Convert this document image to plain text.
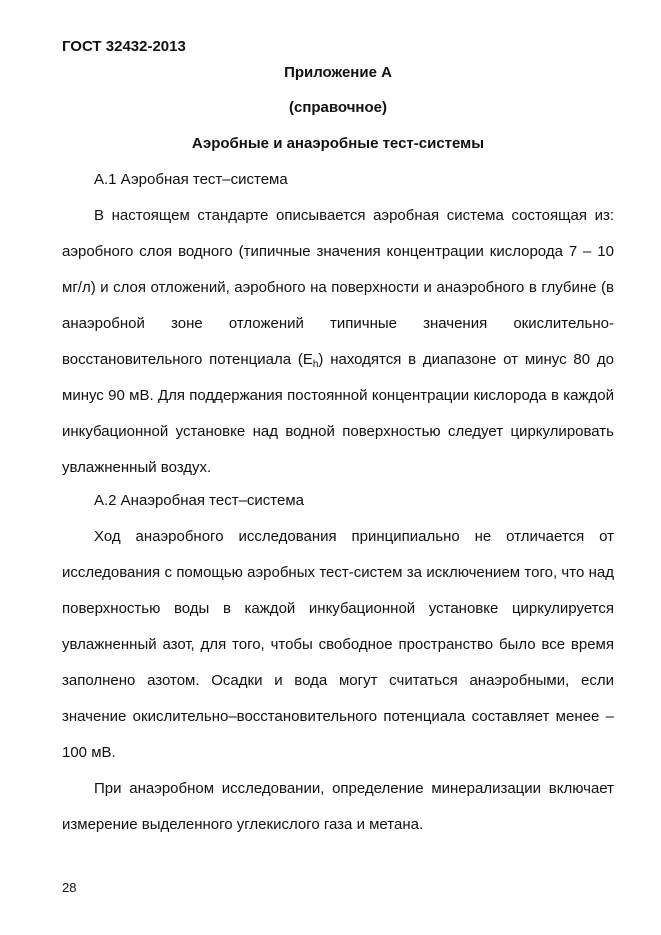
ГОСТ 32432-2013
Приложение А
(справочное)
Аэробные и анаэробные тест-системы
А.1 Аэробная тест–система

В настоящем стандарте описывается аэробная система состоящая из: аэробного слоя водного (типичные значения концентрации кислорода 7 – 10 мг/л) и слоя отложений, аэробного на поверхности и анаэробного в глубине (в анаэробной зоне отложений типичные значения окислительно-восстановительного потенциала $(E_h)$ находятся в диапазоне от минус 80 до минус 90 мВ. Для поддержания постоянной концентрации кислорода в каждой инкубационной установке над водной поверхностью следует циркулировать увлажненный воздух.

А.2 Анаэробная тест–система

Ход анаэробного исследования принципиально не отличается от исследования с помощью аэробных тест-систем за исключением того, что над поверхностью воды в каждой инкубационной установке циркулируется увлажненный азот, для того, чтобы свободное пространство было все время заполнено азотом. Осадки и вода могут считаться анаэробными, если значение окислительно–восстановительного потенциала составляет менее – 100 мВ.

При анаэробном исследовании, определение минерализации включает измерение выделенного углекислого газа и метана.

28
